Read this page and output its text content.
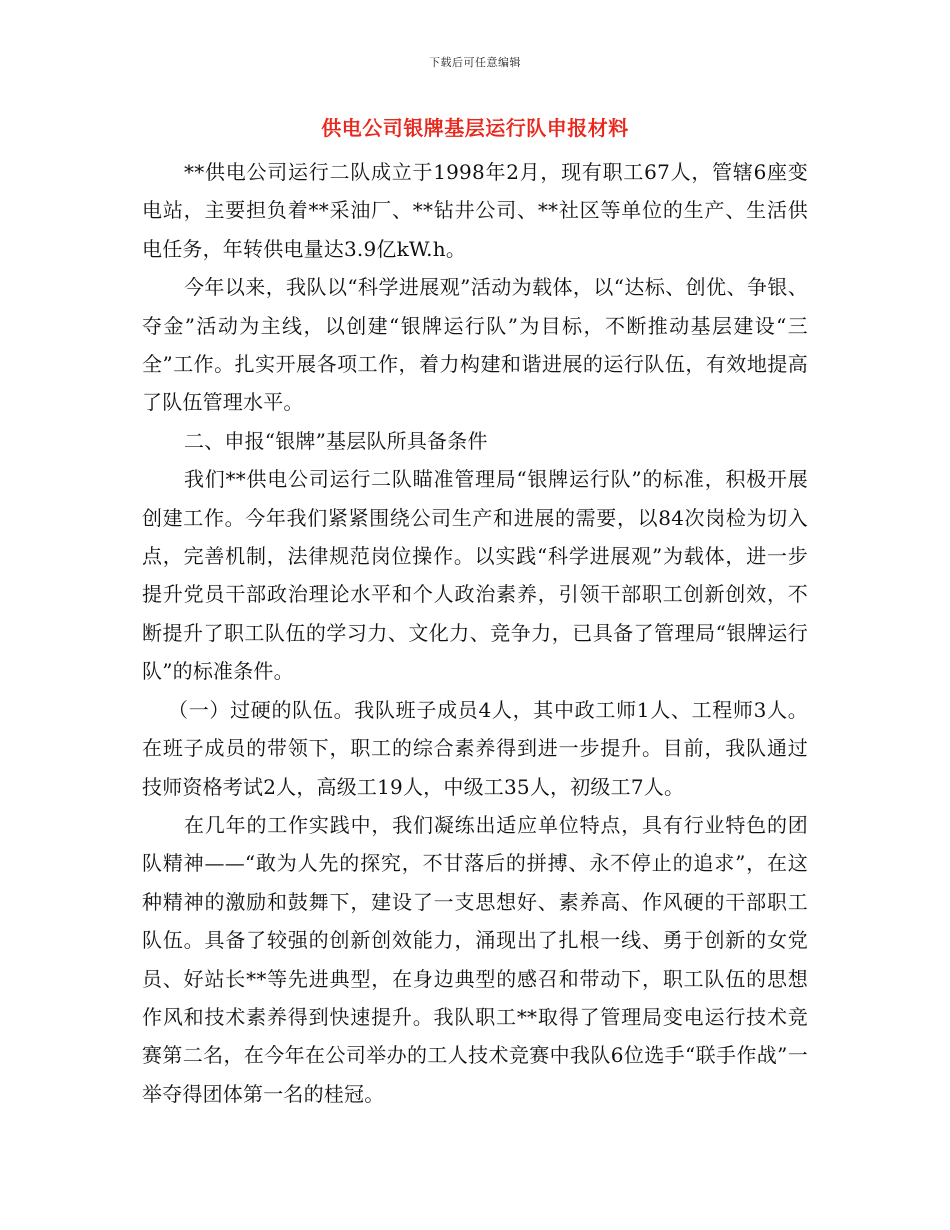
下载后可任意编辑
供电公司银牌基层运行队申报材料

**供电公司运行二队成立于1998年2月，现有职工67人，管辖6座变电站，主要担负着**采油厂、**钻井公司、**社区等单位的生产、生活供电任务，年转供电量达3.9亿kW.h。

今年以来，我队以“科学进展观”活动为载体，以“达标、创优、争银、夺金”活动为主线，以创建“银牌运行队”为目标，不断推动基层建设“三全”工作。扎实开展各项工作，着力构建和谐进展的运行队伍，有效地提高了队伍管理水平。

二、申报“银牌”基层队所具备条件

我们**供电公司运行二队瞄准管理局“银牌运行队”的标准，积极开展创建工作。今年我们紧紧围绕公司生产和进展的需要，以84次岗检为切入点，完善机制，法律规范岗位操作。以实践“科学进展观”为载体，进一步提升党员干部政治理论水平和个人政治素养，引领干部职工创新创效，不断提升了职工队伍的学习力、文化力、竞争力，已具备了管理局“银牌运行队”的标准条件。

（一）过硬的队伍。我队班子成员4人，其中政工师1人、工程师3人。在班子成员的带领下，职工的综合素养得到进一步提升。目前，我队通过技师资格考试2人，高级工19人，中级工35人，初级工7人。

在几年的工作实践中，我们凝练出适应单位特点，具有行业特色的团队精神——“敢为人先的探究，不甘落后的拼搏、永不停止的追求”，在这种精神的激励和鼓舞下，建设了一支思想好、素养高、作风硬的干部职工队伍。具备了较强的创新创效能力，涌现出了扎根一线、勇于创新的女党员、好站长**等先进典型，在身边典型的感召和带动下，职工队伍的思想作风和技术素养得到快速提升。我队职工**取得了管理局变电运行技术竞赛第二名，在今年在公司举办的工人技术竞赛中我队6位选手“联手作战”一举夺得团体第一名的桂冠。
